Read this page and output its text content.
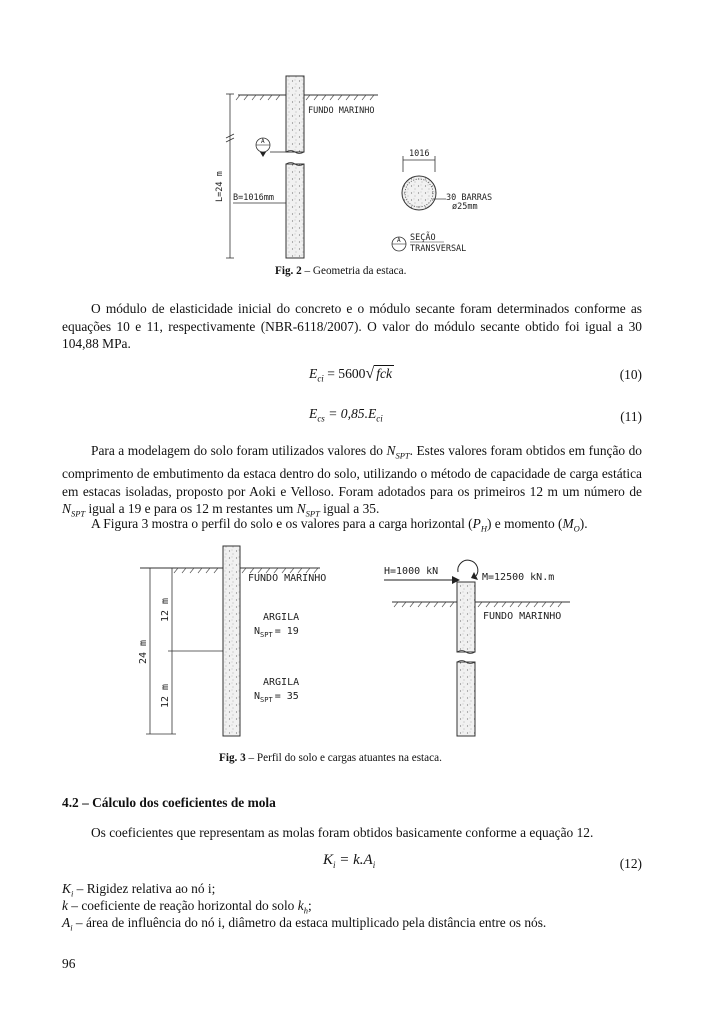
L=24 m
FUNDO MARINHO
A
B=1016mm
1016
30 BARRAS
ø25mm
A SEÇÃO
TRANSVERSAL
Fig. 2 – Geometria da estaca.

O módulo de elasticidade inicial do concreto e o módulo secante foram determinados conforme as equações 10 e 11, respectivamente (NBR-6118/2007). O valor do módulo secante obtido foi igual a 30 104,88 MPa.

$E_{ci} = 5600√$ fck	(10)
$E_{cs} = 0,85.E_{ci}$	(11)

Para a modelagem do solo foram utilizados valores do $N_{SPT}$. Estes valores foram obtidos em função do comprimento de embutimento da estaca dentro do solo, utilizando o método de capacidade de carga estática em estacas isoladas, proposto por Aoki e Velloso. Foram adotados para os primeiros 12 m um número de $N_{SPT}$ igual a 19 e para os 12 m restantes um $N_{SPT}$ igual a 35.

A Figura 3 mostra o perfil do solo e os valores para a carga horizontal $(P_H)$ e momento $(M_O)$.

FUNDO MARINHO
12 m
24 m
12 m
ARGILA
$N_{SPT} = 19$
ARGILA
$N_{SPT} = 35$
FUNDO MARINHO
H=1000 kN
M=12500 kN.m
Fig. 3 – Perfil do solo e cargas atuantes na estaca.
4.2 – Cálculo dos coeficientes de mola

Os coeficientes que representam as molas foram obtidos basicamente conforme a equação 12.

$K_i = k.A_i$	(12)
$K_i$ – Rigidez relativa ao nó i;
k – coeficiente de reação horizontal do solo $k_h$;
$A_i$ – área de influência do nó i, diâmetro da estaca multiplicado pela distância entre os nós.
96
